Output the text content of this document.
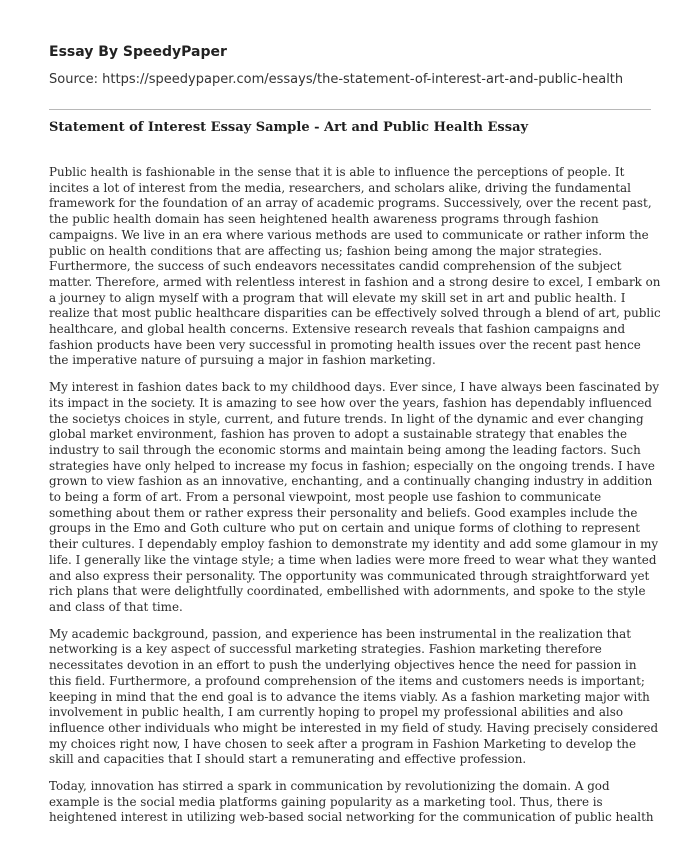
Essay By SpeedyPaper
Source: https://speedypaper.com/essays/the-statement-of-interest-art-and-public-health
Statement of Interest Essay Sample - Art and Public Health Essay

Public health is fashionable in the sense that it is able to influence the perceptions of people. It
incites a lot of interest from the media, researchers, and scholars alike, driving the fundamental
framework for the foundation of an array of academic programs. Successively, over the recent past,
the public health domain has seen heightened health awareness programs through fashion
campaigns. We live in an era where various methods are used to communicate or rather inform the
public on health conditions that are affecting us; fashion being among the major strategies.
Furthermore, the success of such endeavors necessitates candid comprehension of the subject
matter. Therefore, armed with relentless interest in fashion and a strong desire to excel, I embark on
a journey to align myself with a program that will elevate my skill set in art and public health. I
realize that most public healthcare disparities can be effectively solved through a blend of art, public
healthcare, and global health concerns. Extensive research reveals that fashion campaigns and
fashion products have been very successful in promoting health issues over the recent past hence
the imperative nature of pursuing a major in fashion marketing.

My interest in fashion dates back to my childhood days. Ever since, I have always been fascinated by
its impact in the society. It is amazing to see how over the years, fashion has dependably influenced
the societys choices in style, current, and future trends. In light of the dynamic and ever changing
global market environment, fashion has proven to adopt a sustainable strategy that enables the
industry to sail through the economic storms and maintain being among the leading factors. Such
strategies have only helped to increase my focus in fashion; especially on the ongoing trends. I have
grown to view fashion as an innovative, enchanting, and a continually changing industry in addition
to being a form of art. From a personal viewpoint, most people use fashion to communicate
something about them or rather express their personality and beliefs. Good examples include the
groups in the Emo and Goth culture who put on certain and unique forms of clothing to represent
their cultures. I dependably employ fashion to demonstrate my identity and add some glamour in my
life. I generally like the vintage style; a time when ladies were more freed to wear what they wanted
and also express their personality. The opportunity was communicated through straightforward yet
rich plans that were delightfully coordinated, embellished with adornments, and spoke to the style
and class of that time.

My academic background, passion, and experience has been instrumental in the realization that
networking is a key aspect of successful marketing strategies. Fashion marketing therefore
necessitates devotion in an effort to push the underlying objectives hence the need for passion in
this field. Furthermore, a profound comprehension of the items and customers needs is important;
keeping in mind that the end goal is to advance the items viably. As a fashion marketing major with
involvement in public health, I am currently hoping to propel my professional abilities and also
influence other individuals who might be interested in my field of study. Having precisely considered
my choices right now, I have chosen to seek after a program in Fashion Marketing to develop the
skill and capacities that I should start a remunerating and effective profession.

Today, innovation has stirred a spark in communication by revolutionizing the domain. A god
example is the social media platforms gaining popularity as a marketing tool. Thus, there is
heightened interest in utilizing web-based social networking for the communication of public health
